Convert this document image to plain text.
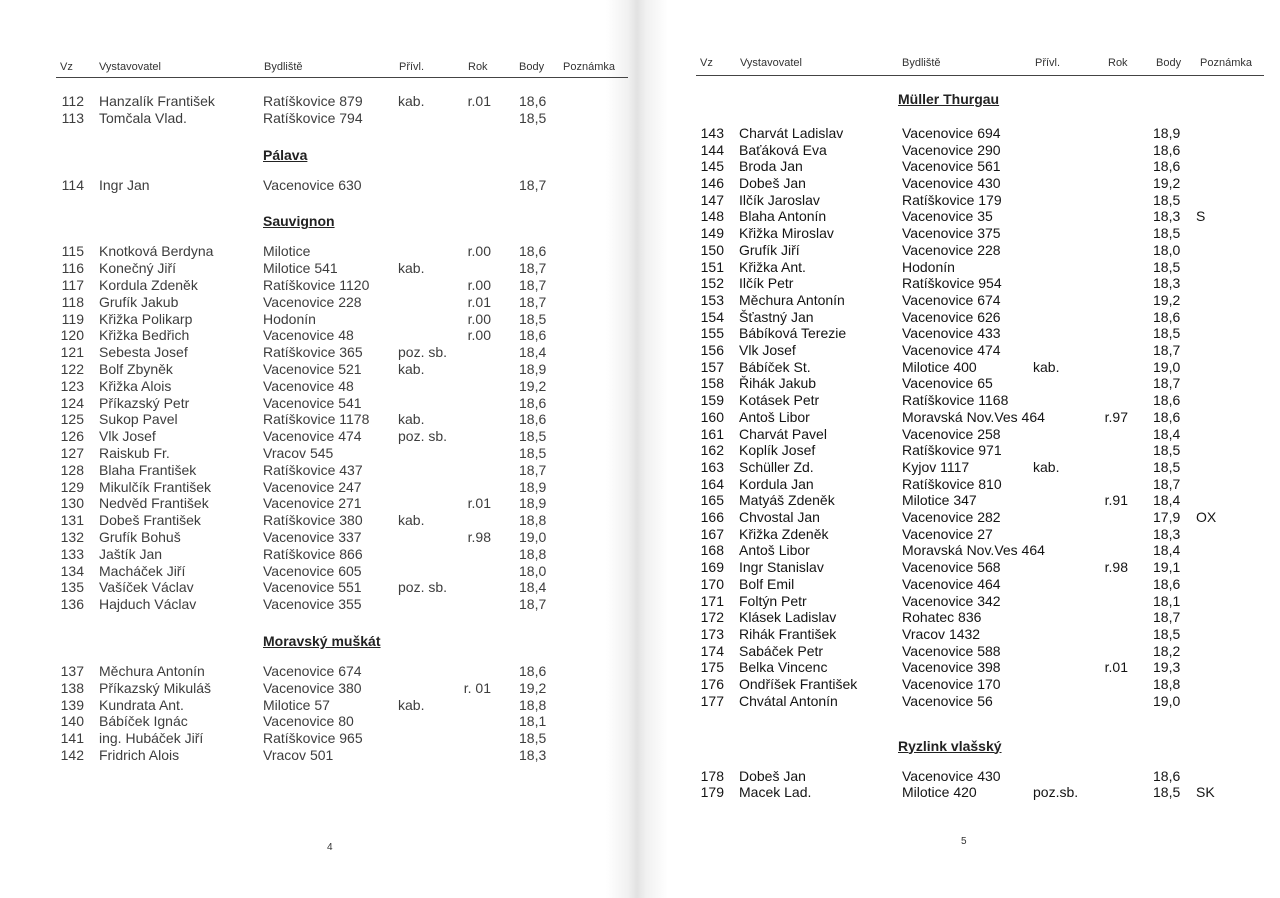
Vz Vystavovatel	Bydliště	Přívl.	Rok	Body Poznámka
112 Hanzalík František	Ratíškovice 879	kab.	r.01 18,6
113 Tomčala Vlad.	Ratíškovice 794	18,5
Pálava
114 Ingr Jan	Vacenovice 630	18,7
Sauvignon
115 Knotková Berdyna	Milotice	r.00 18,6
116 Konečný Jiří	Milotice 541	kab.	18,7
117 Kordula Zdeněk	Ratíškovice 1120	r.00 18,7
118 Grufík Jakub	Vacenovice 228	r.01 18,7
119 Křižka Polikarp	Hodonín	r.00 18,5
120 Křižka Bedřich	Vacenovice 48	r.00 18,6
121 Sebesta Josef	Ratíškovice 365	poz. sb.	18,4
122 Bolf Zbyněk	Vacenovice 521	kab.	18,9
123 Křižka Alois	Vacenovice 48	19,2
124 Příkazský Petr	Vacenovice 541	18,6
125 Sukop Pavel	Ratíškovice 1178 kab.	18,6
126 Vlk Josef	Vacenovice 474	poz. sb.	18,5
127 Raiskub Fr.	Vracov 545	18,5
128 Blaha František	Ratíškovice 437	18,7
129 Mikulčík František	Vacenovice 247	18,9
130 Nedvěd František	Vacenovice 271	r.01 18,9
131 Dobeš František	Ratíškovice 380	kab.	18,8
132 Grufík Bohuš	Vacenovice 337	r.98 19,0
133 Jaštík Jan	Ratíškovice 866	18,8
134 Macháček Jiří	Vacenovice 605	18,0
135 Vašíček Václav	Vacenovice 551	poz. sb.	18,4
136 Hajduch Václav	Vacenovice 355	18,7
Moravský muškát
137 Měchura Antonín	Vacenovice 674	18,6
138 Příkazský Mikuláš	Vacenovice 380	r. 01 19,2
139 Kundrata Ant.	Milotice 57	kab.	18,8
140 Bábíček Ignác	Vacenovice 80	18,1
141 ing. Hubáček Jiří	Ratíškovice 965	18,5
142 Fridrich Alois	Vracov 501	18,3
4
Vz Vystavovatel	Bydliště	Přívl.	Rok	Body Poznámka
Müller Thurgau
143 Charvát Ladislav	Vacenovice 694	18,9
144 Baťáková Eva	Vacenovice 290	18,6
145 Broda Jan	Vacenovice 561	18,6
146 Dobeš Jan	Vacenovice 430	19,2
147 Ilčík Jaroslav	Ratíškovice 179	18,5
148 Blaha Antonín	Vacenovice 35	18,3 S
149 Křižka Miroslav	Vacenovice 375	18,5
150 Grufík Jiří	Vacenovice 228	18,0
151 Křižka Ant.	Hodonín	18,5
152 Ilčík Petr	Ratíškovice 954	18,3
153 Měchura Antonín	Vacenovice 674	19,2
154 Šťastný Jan	Vacenovice 626	18,6
155 Bábíková Terezie	Vacenovice 433	18,5
156 Vlk Josef	Vacenovice 474	18,7
157 Bábíček St.	Milotice 400	kab.	19,0
158 Řihák Jakub	Vacenovice 65	18,7
159 Kotásek Petr	Ratíškovice 1168	18,6
160 Antoš Libor	Moravská Nov.Ves 464	r.97 18,6
161 Charvát Pavel	Vacenovice 258	18,4
162 Koplík Josef	Ratíškovice 971	18,5
163 Schüller Zd.	Kyjov 1117	kab.	18,5
164 Kordula Jan	Ratíškovice 810	18,7
165 Matyáš Zdeněk	Milotice 347	r.91 18,4
166 Chvostal Jan	Vacenovice 282	17,9 OX
167 Křižka Zdeněk	Vacenovice 27	18,3
168 Antoš Libor	Moravská Nov.Ves 464	18,4
169 Ingr Stanislav	Vacenovice 568	r.98 19,1
170 Bolf Emil	Vacenovice 464	18,6
171 Foltýn Petr	Vacenovice 342	18,1
172 Klásek Ladislav	Rohatec 836	18,7
173 Rihák František	Vracov 1432	18,5
174 Sabáček Petr	Vacenovice 588	18,2
175 Belka Vincenc	Vacenovice 398	r.01 19,3
176 Ondříšek František	Vacenovice 170	18,8
177 Chvátal Antonín	Vacenovice 56	19,0
Ryzlink vlašský
178 Dobeš Jan	Vacenovice 430	18,6
179 Macek Lad.	Milotice 420	poz.sb.	18,5 SK
5
